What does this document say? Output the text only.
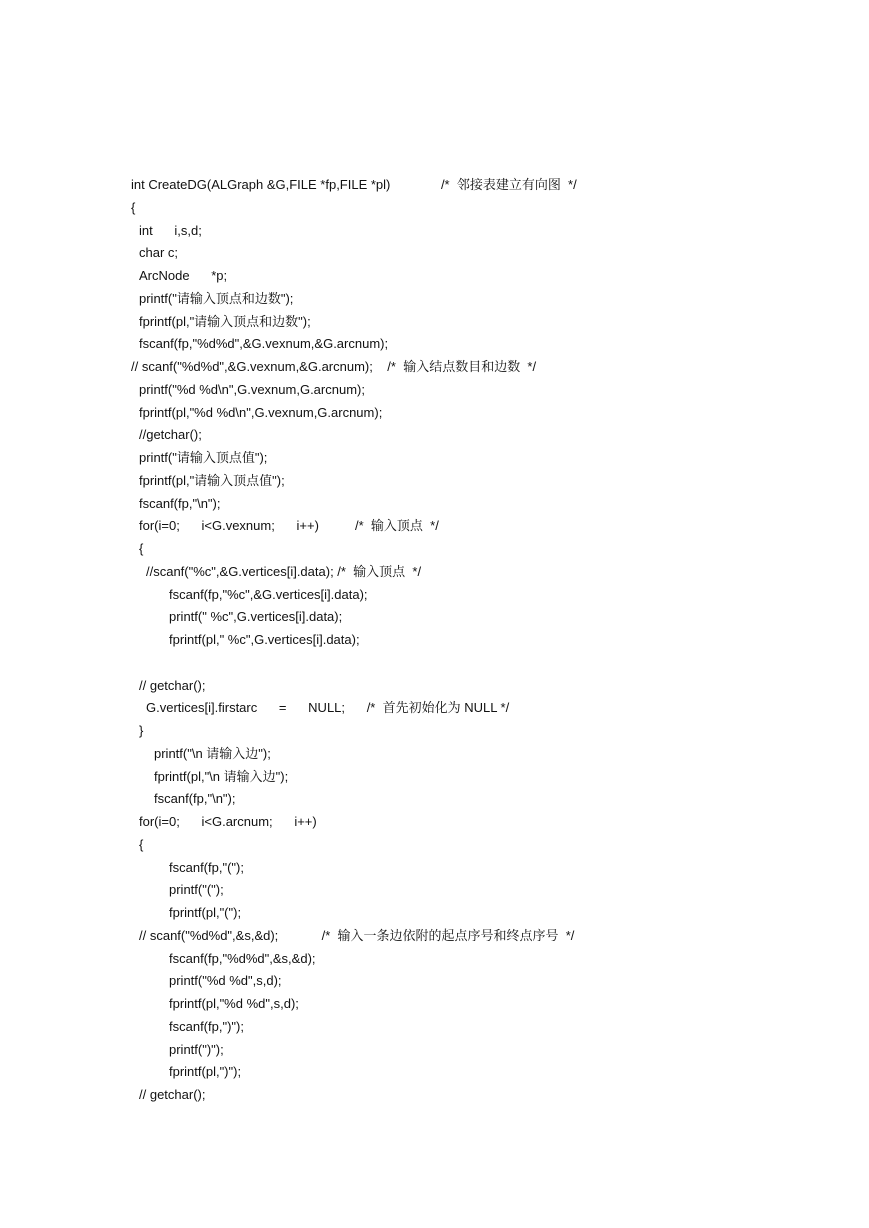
int CreateDG(ALGraph &G,FILE *fp,FILE *pl)              /*  邻接表建立有向图  */
{
int      i,s,d;
char c;
ArcNode      *p;
printf("请输入顶点和边数");
fprintf(pl,"请输入顶点和边数");
fscanf(fp,"%d%d",&G.vexnum,&G.arcnum);
// scanf("%d%d",&G.vexnum,&G.arcnum);    /*  输入结点数目和边数  */
printf("%d %d\n",G.vexnum,G.arcnum);
fprintf(pl,"%d %d\n",G.vexnum,G.arcnum);
//getchar();
printf("请输入顶点值");
fprintf(pl,"请输入顶点值");
fscanf(fp,"\n");
for(i=0;      i<G.vexnum;      i++)          /*  输入顶点  */
{
//scanf("%c",&G.vertices[i].data); /*  输入顶点  */
fscanf(fp,"%c",&G.vertices[i].data);
printf(" %c",G.vertices[i].data);
fprintf(pl," %c",G.vertices[i].data);
// getchar();
G.vertices[i].firstarc      =      NULL;      /*  首先初始化为 NULL */
}
printf("\n 请输入边");
fprintf(pl,"\n 请输入边");
fscanf(fp,"\n");
for(i=0;      i<G.arcnum;      i++)
{
fscanf(fp,"(");
printf("(");
fprintf(pl,"(");
// scanf("%d%d",&s,&d);            /*  输入一条边依附的起点序号和终点序号  */
fscanf(fp,"%d%d",&s,&d);
printf("%d %d",s,d);
fprintf(pl,"%d %d",s,d);
fscanf(fp,")");
printf(")");
fprintf(pl,")");
// getchar();
